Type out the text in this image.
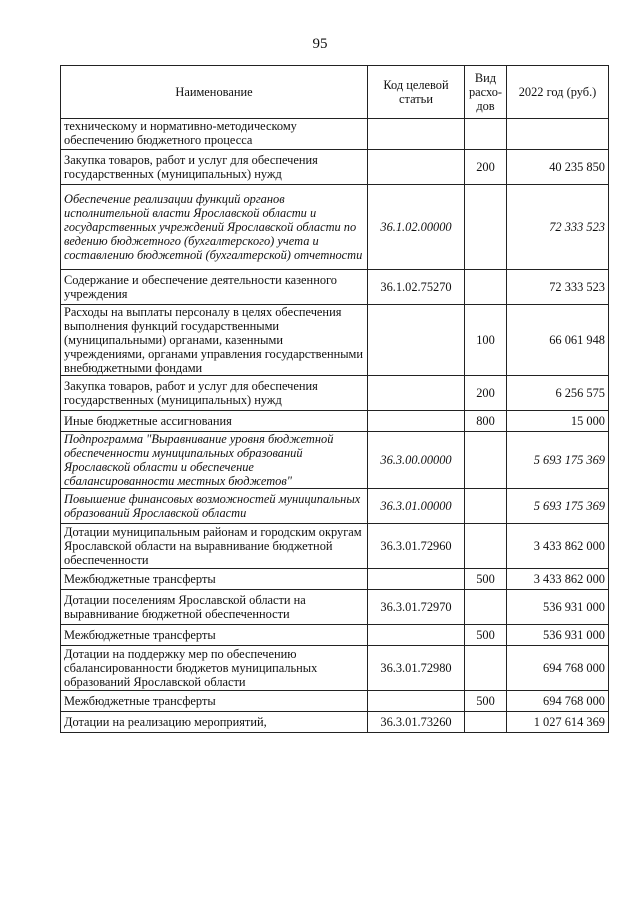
95
Наименование	Код целевой статьи	Вид расхо- дов	2022 год (руб.)
техническому и нормативно-методическому обеспечению бюджетного процесса			
Закупка товаров, работ и услуг для обеспечения государственных (муниципальных) нужд		200	40 235 850
Обеспечение реализации функций органов исполнительной власти Ярославской области и государственных учреждений Ярославской области по ведению бюджетного (бухгалтерского) учета и составлению бюджетной (бухгалтерской) отчетности	36.1.02.00000		72 333 523
Содержание и обеспечение деятельности казенного учреждения	36.1.02.75270		72 333 523
Расходы на выплаты персоналу в целях обеспечения выполнения функций государственными (муниципальными) органами, казенными учреждениями, органами управления государственными внебюджетными фондами		100	66 061 948
Закупка товаров, работ и услуг для обеспечения государственных (муниципальных) нужд		200	6 256 575
Иные бюджетные ассигнования		800	15 000
Подпрограмма "Выравнивание уровня бюджетной обеспеченности муниципальных образований Ярославской области и обеспечение сбалансированности местных бюджетов"	36.3.00.00000		5 693 175 369
Повышение финансовых возможностей муниципальных образований Ярославской области	36.3.01.00000		5 693 175 369
Дотации муниципальным районам и городским округам Ярославской области на выравнивание бюджетной обеспеченности	36.3.01.72960		3 433 862 000
Межбюджетные трансферты		500	3 433 862 000
Дотации поселениям Ярославской области на выравнивание бюджетной обеспеченности	36.3.01.72970		536 931 000
Межбюджетные трансферты		500	536 931 000
Дотации на поддержку мер по обеспечению сбалансированности бюджетов муниципальных образований Ярославской области	36.3.01.72980		694 768 000
Межбюджетные трансферты		500	694 768 000
Дотации на реализацию мероприятий,	36.3.01.73260		1 027 614 369
